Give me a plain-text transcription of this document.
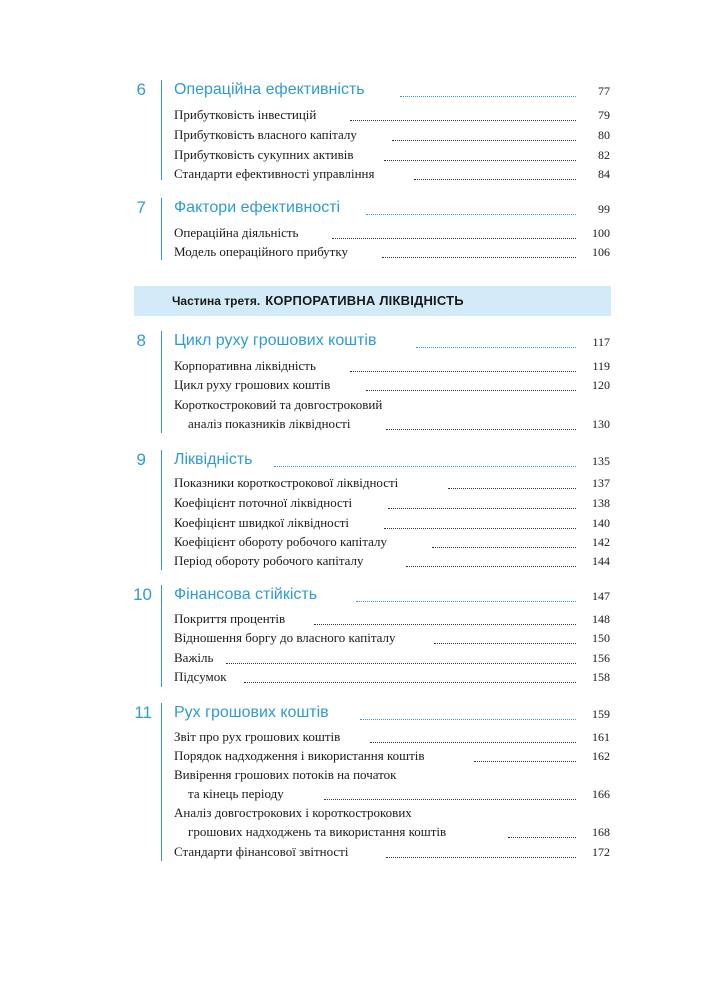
6 Операційна ефективність	77
Прибутковість інвестицій	79
Прибутковість власного капіталу	80
Прибутковість сукупних активів	82
Стандарти ефективності управління	84
7 Фактори ефективності	99
Операційна діяльність	100
Модель операційного прибутку	106
Частина третя. КОРПОРАТИВНА ЛІКВІДНІСТЬ
8 Цикл руху грошових коштів	117
Корпоративна ліквідність	119
Цикл руху грошових коштів	120
Короткостроковий та довгостроковий
аналіз показників ліквідності	130
9 Ліквідність	135
Показники короткострокової ліквідності	137
Коефіцієнт поточної ліквідності	138
Коефіцієнт швидкої ліквідності	140
Коефіцієнт обороту робочого капіталу	142
Період обороту робочого капіталу	144
10 Фінансова стійкість	147
Покриття процентів	148
Відношення боргу до власного капіталу	150
Важіль	156
Підсумок	158
11 Рух грошових коштів	159
Звіт про рух грошових коштів	161
Порядок надходження і використання коштів	162
Вивірення грошових потоків на початок
та кінець періоду	166
Аналіз довгострокових і короткострокових
грошових надходжень та використання коштів	168
Стандарти фінансової звітності	172
